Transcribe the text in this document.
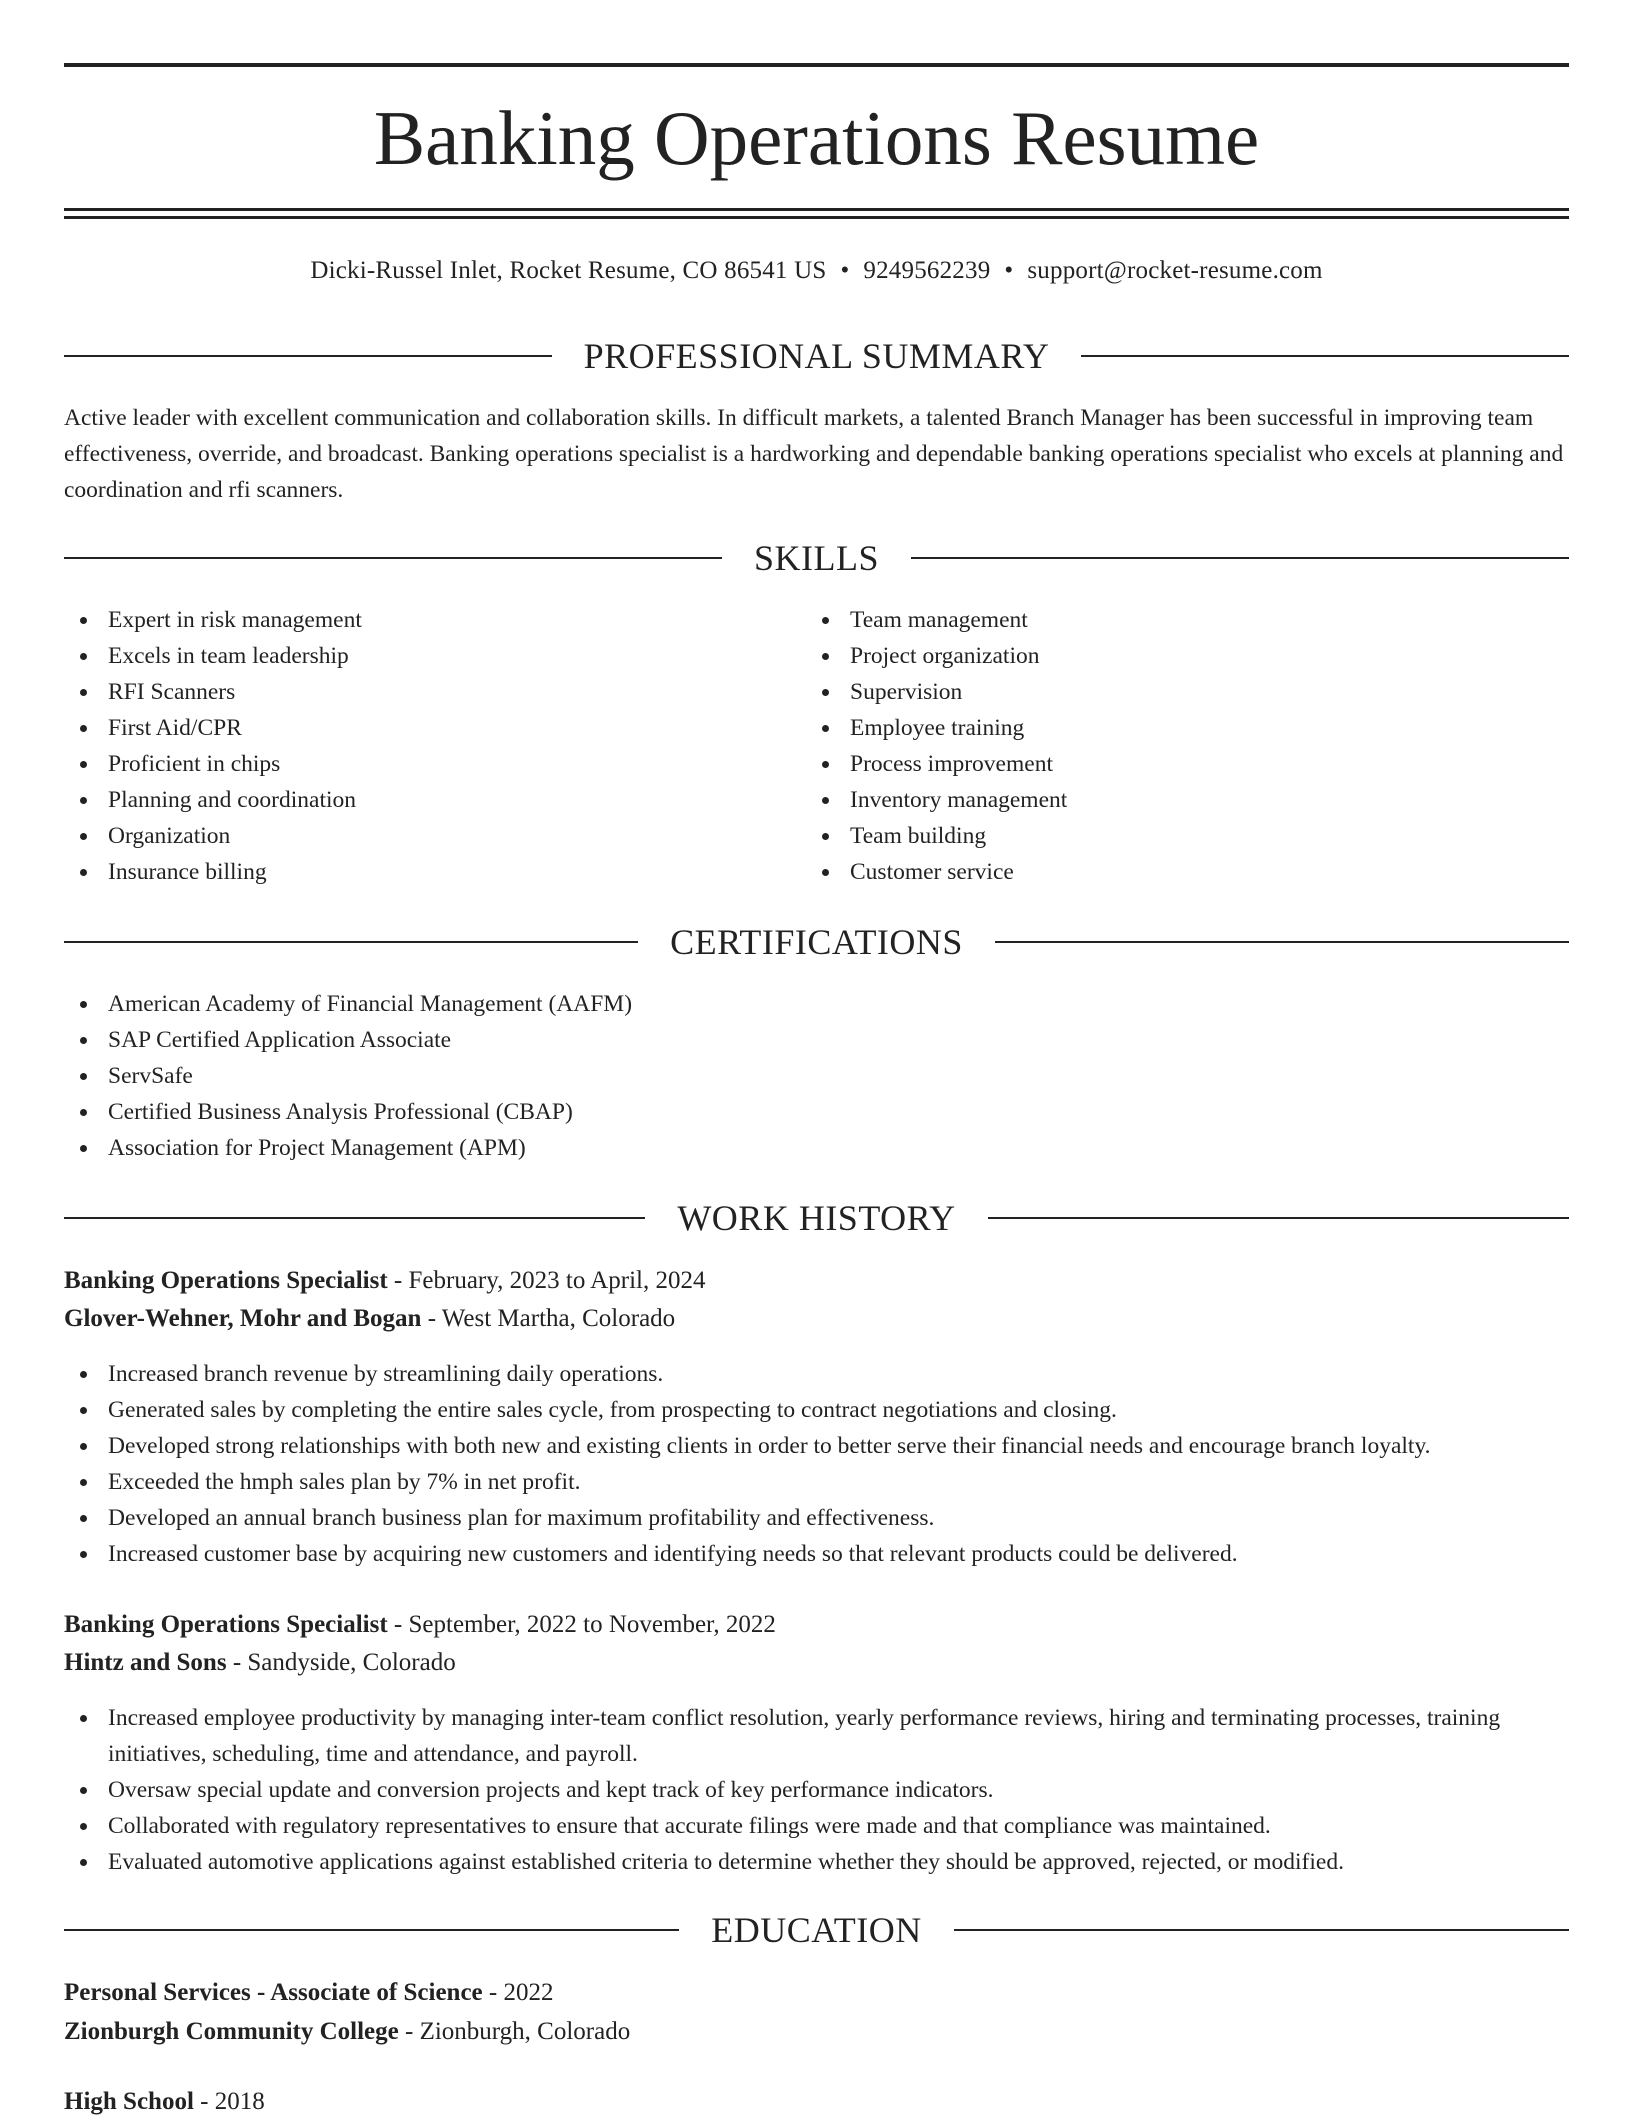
Banking Operations Resume
Dicki-Russel Inlet, Rocket Resume, CO 86541 US • 9249562239 • support@rocket-resume.com
PROFESSIONAL SUMMARY

Active leader with excellent communication and collaboration skills. In difficult markets, a talented Branch Manager has been successful in improving team effectiveness, override, and broadcast. Banking operations specialist is a hardworking and dependable banking operations specialist who excels at planning and coordination and rfi scanners.

SKILLS
Expert in risk management
Excels in team leadership
RFI Scanners
First Aid/CPR
Proficient in chips
Planning and coordination
Organization
Insurance billing
Team management
Project organization
Supervision
Employee training
Process improvement
Inventory management
Team building
Customer service
CERTIFICATIONS
American Academy of Financial Management (AAFM)
SAP Certified Application Associate
ServSafe
Certified Business Analysis Professional (CBAP)
Association for Project Management (APM)
WORK HISTORY
Banking Operations Specialist - February, 2023 to April, 2024
Glover-Wehner, Mohr and Bogan - West Martha, Colorado
Increased branch revenue by streamlining daily operations.
Generated sales by completing the entire sales cycle, from prospecting to contract negotiations and closing.
Developed strong relationships with both new and existing clients in order to better serve their financial needs and encourage branch loyalty.
Exceeded the hmph sales plan by 7% in net profit.
Developed an annual branch business plan for maximum profitability and effectiveness.
Increased customer base by acquiring new customers and identifying needs so that relevant products could be delivered.
Banking Operations Specialist - September, 2022 to November, 2022
Hintz and Sons - Sandyside, Colorado
Increased employee productivity by managing inter-team conflict resolution, yearly performance reviews, hiring and terminating processes, training initiatives, scheduling, time and attendance, and payroll.
Oversaw special update and conversion projects and kept track of key performance indicators.
Collaborated with regulatory representatives to ensure that accurate filings were made and that compliance was maintained.
Evaluated automotive applications against established criteria to determine whether they should be approved, rejected, or modified.
EDUCATION
Personal Services - Associate of Science - 2022
Zionburgh Community College - Zionburgh, Colorado
High School - 2018
